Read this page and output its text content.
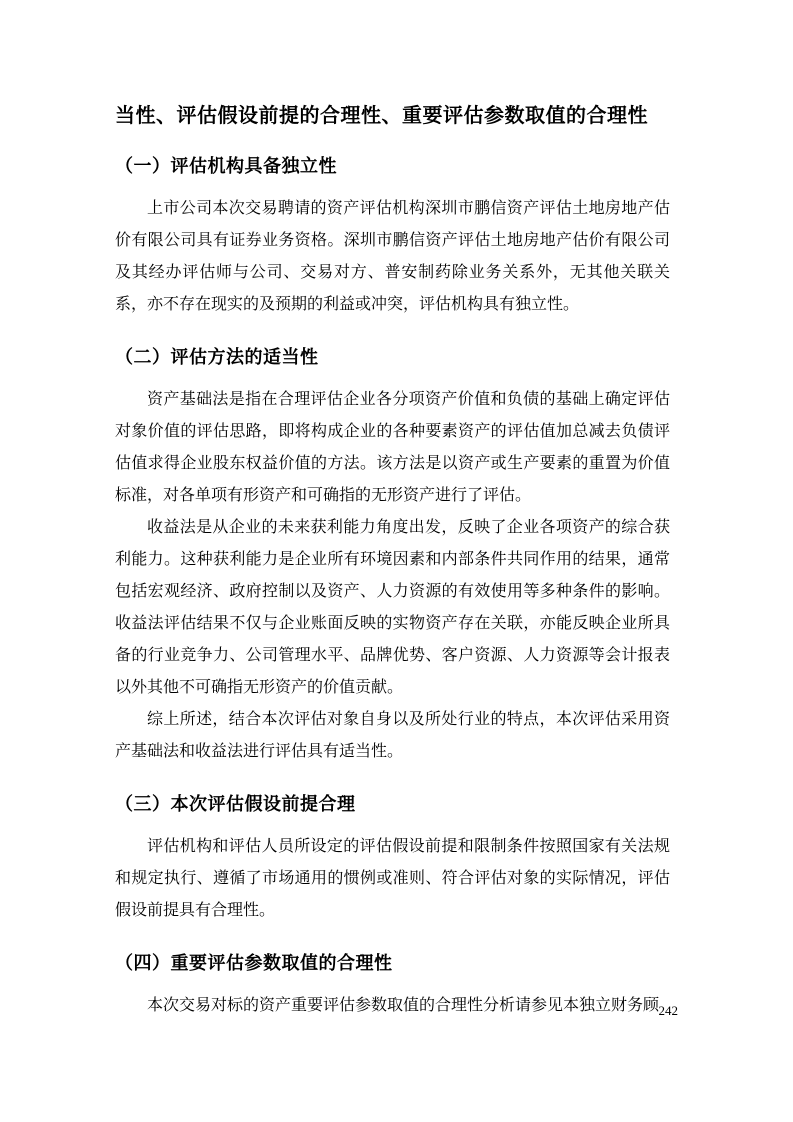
当性、评估假设前提的合理性、重要评估参数取值的合理性
（一）评估机构具备独立性

上市公司本次交易聘请的资产评估机构深圳市鹏信资产评估土地房地产估价有限公司具有证券业务资格。深圳市鹏信资产评估土地房地产估价有限公司及其经办评估师与公司、交易对方、普安制药除业务关系外，无其他关联关系，亦不存在现实的及预期的利益或冲突，评估机构具有独立性。

（二）评估方法的适当性

资产基础法是指在合理评估企业各分项资产价值和负债的基础上确定评估对象价值的评估思路，即将构成企业的各种要素资产的评估值加总减去负债评估值求得企业股东权益价值的方法。该方法是以资产或生产要素的重置为价值标准，对各单项有形资产和可确指的无形资产进行了评估。

收益法是从企业的未来获利能力角度出发，反映了企业各项资产的综合获利能力。这种获利能力是企业所有环境因素和内部条件共同作用的结果，通常包括宏观经济、政府控制以及资产、人力资源的有效使用等多种条件的影响。收益法评估结果不仅与企业账面反映的实物资产存在关联，亦能反映企业所具备的行业竞争力、公司管理水平、品牌优势、客户资源、人力资源等会计报表以外其他不可确指无形资产的价值贡献。

综上所述，结合本次评估对象自身以及所处行业的特点，本次评估采用资产基础法和收益法进行评估具有适当性。

（三）本次评估假设前提合理

评估机构和评估人员所设定的评估假设前提和限制条件按照国家有关法规和规定执行、遵循了市场通用的惯例或准则、符合评估对象的实际情况，评估假设前提具有合理性。

（四）重要评估参数取值的合理性

本次交易对标的资产重要评估参数取值的合理性分析请参见本独立财务顾 242
